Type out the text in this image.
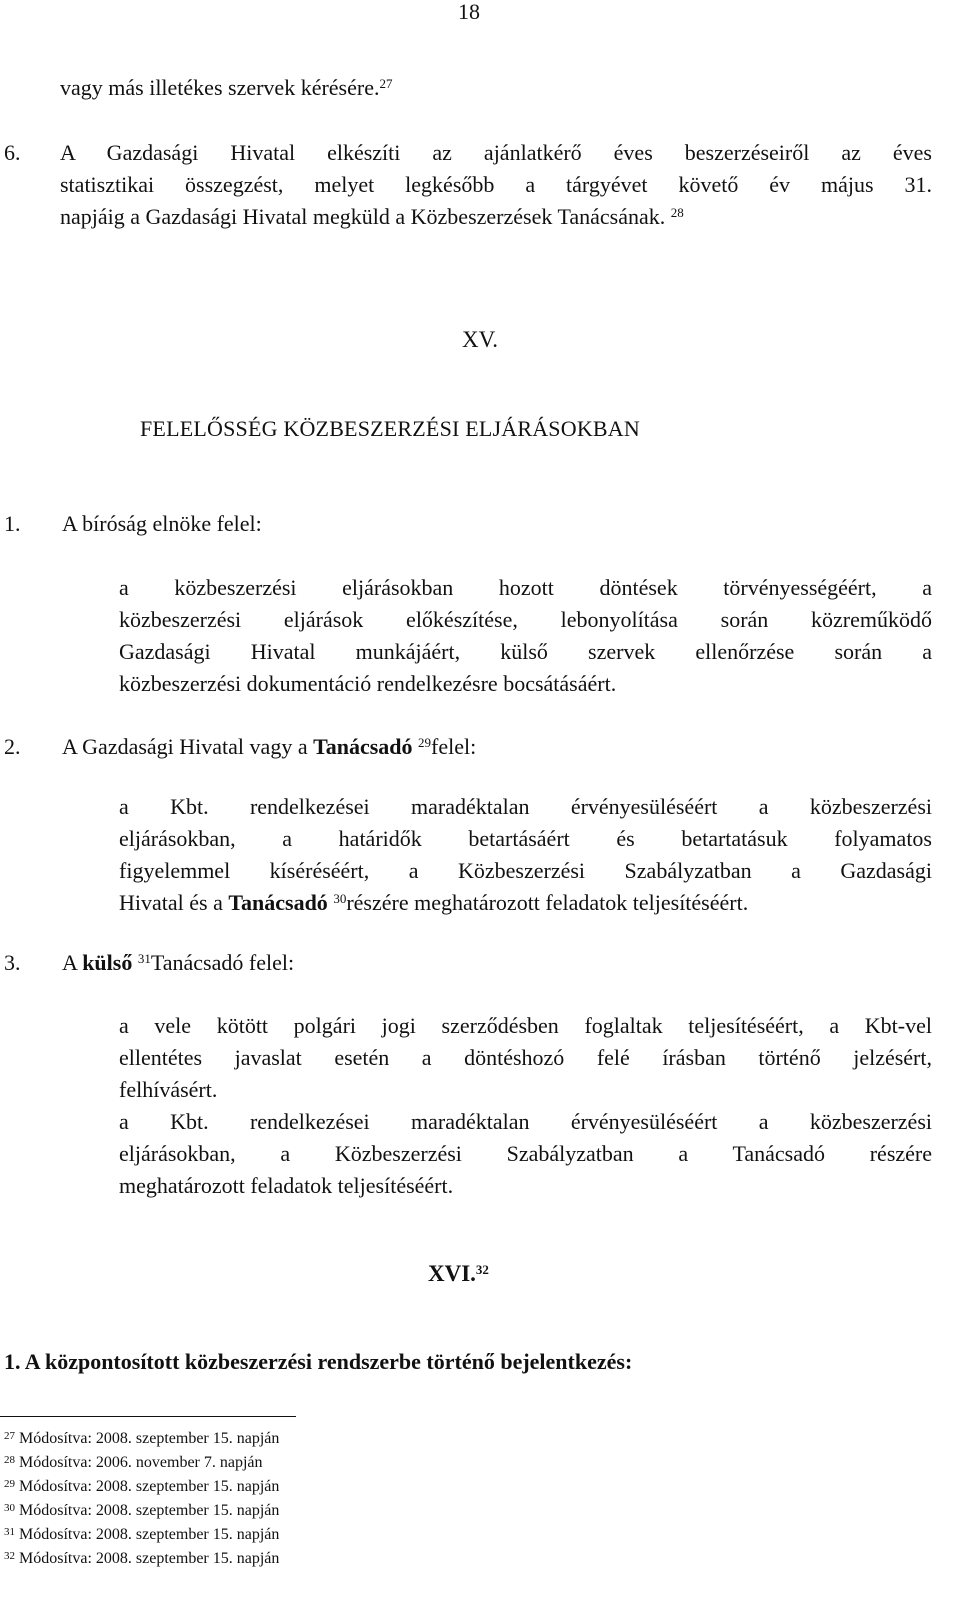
18
vagy más illetékes szervek kérésére.$^{27}$
6. A Gazdasági Hivatal elkészíti az ajánlatkérő éves beszerzéseiről az éves
statisztikai összegzést, melyet legkésőbb a tárgyévet követő év május 31.
napjáig a Gazdasági Hivatal megküld a Közbeszerzések Tanácsának. $^{28}$
XV.
FELELŐSSÉG KÖZBESZERZÉSI ELJÁRÁSOKBAN
1. A bíróság elnöke felel:
a közbeszerzési eljárásokban hozott döntések törvényességéért, a
közbeszerzési eljárások előkészítése, lebonyolítása során közreműködő
Gazdasági Hivatal munkájáért, külső szervek ellenőrzése során a
közbeszerzési dokumentáció rendelkezésre bocsátásáért.
2. A Gazdasági Hivatal vagy a Tanácsadó $^{29}$felel:
a Kbt. rendelkezései maradéktalan érvényesüléséért a közbeszerzési
eljárásokban, a határidők betartásáért és betartatásuk folyamatos
figyelemmel kíséréséért, a Közbeszerzési Szabályzatban a Gazdasági
Hivatal és a Tanácsadó $^{30}$részére meghatározott feladatok teljesítéséért.
3. A külső $^{31}$Tanácsadó felel:
a vele kötött polgári jogi szerződésben foglaltak teljesítéséért, a Kbt-vel
ellentétes javaslat esetén a döntéshozó felé írásban történő jelzésért,
felhívásért.
a Kbt. rendelkezései maradéktalan érvényesüléséért a közbeszerzési
eljárásokban, a Közbeszerzési Szabályzatban a Tanácsadó részére
meghatározott feladatok teljesítéséért.
XVI.$^{32}$
1. A központosított közbeszerzési rendszerbe történő bejelentkezés:
$^{27}$ Módosítva: 2008. szeptember 15. napján
$^{28}$ Módosítva: 2006. november 7. napján
$^{29}$ Módosítva: 2008. szeptember 15. napján
$^{30}$ Módosítva: 2008. szeptember 15. napján
$^{31}$ Módosítva: 2008. szeptember 15. napján
$^{32}$ Módosítva: 2008. szeptember 15. napján
